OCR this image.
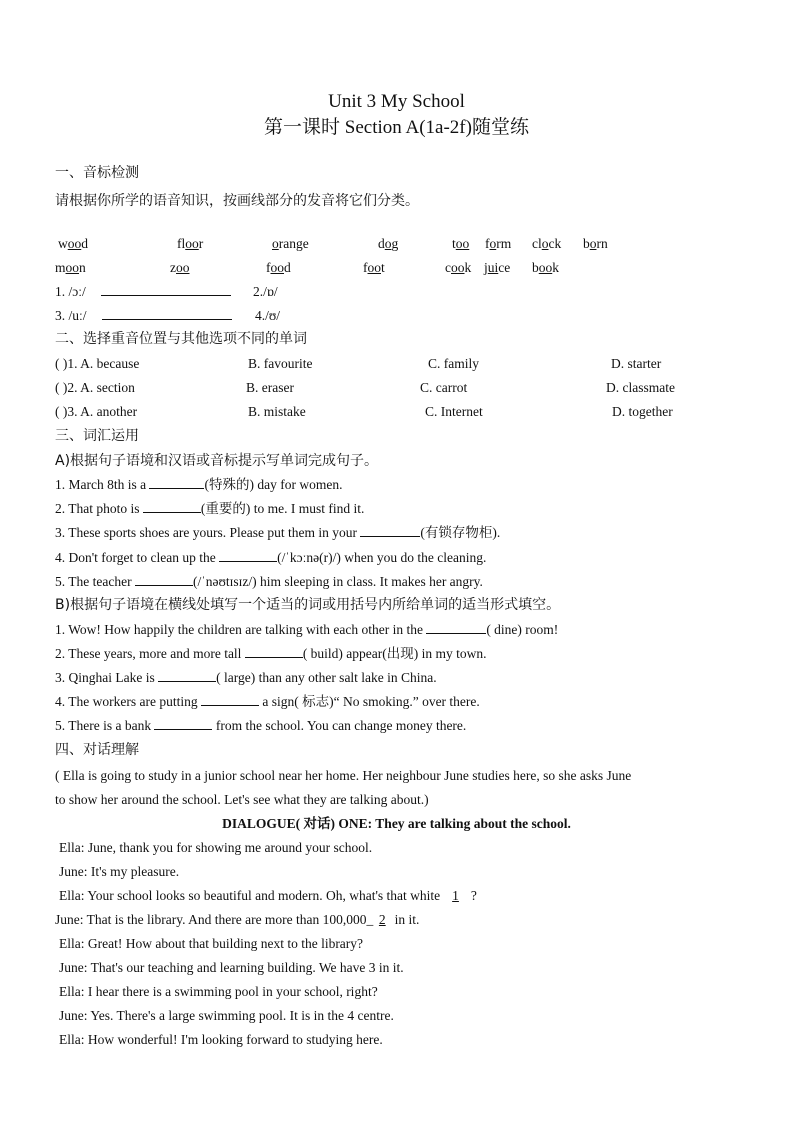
Unit 3 My School
第一课时 Section A(1a-2f)随堂练
一、音标检测
请根据你所学的语音知识，按画线部分的发音将它们分类。
wood	floor	orange	dog	too form clock born
moon	zoo	food	foot	cook juice book
1. /ɔː/	2./ɒ/
3. /uː/	4./ʊ/
二、选择重音位置与其他选项不同的单词
( )1. A. because	B. favourite	C. family	D. starter
( )2. A. section	B. eraser	C. carrot	D. classmate
( )3. A. another	B. mistake	C. Internet	D. together
三、词汇运用
A)根据句子语境和汉语或音标提示写单词完成句子。
1. March 8th is a	(特殊的) day for women.
2. That photo is	(重要的) to me. I must find it.
3. These sports shoes are yours. Please put them in your	(有锁存物柜).
4. Don't forget to clean up the	(/ˈkɔːnə(r)/) when you do the cleaning.
5. The teacher	(/ˈnəʊtɪsɪz/) him sleeping in class. It makes her angry.
B)根据句子语境在横线处填写一个适当的词或用括号内所给单词的适当形式填空。
1. Wow! How happily the children are talking with each other in the	( dine) room!
2. These years, more and more tall	( build) appear(出现) in my town.
3. Qinghai Lake is	( large) than any other salt lake in China.
4. The workers are putting	a sign( 标志)“ No smoking.” over there.
5. There is a bank	from the school. You can change money there.
四、对话理解
( Ella is going to study in a junior school near her home. Her neighbour June studies here, so she asks June
to show her around the school. Let's see what they are talking about.)
DIALOGUE( 对话) ONE: They are talking about the school.
Ella: June, thank you for showing me around your school.
June: It's my pleasure.
Ella: Your school looks so beautiful and modern. Oh, what's that white 1 ?
June: That is the library. And there are more than 100,000_ 2 in it.
Ella: Great! How about that building next to the library?
June: That's our teaching and learning building. We have 3 in it.
Ella: I hear there is a swimming pool in your school, right?
June: Yes. There's a large swimming pool. It is in the 4 centre.
Ella: How wonderful! I'm looking forward to studying here.
